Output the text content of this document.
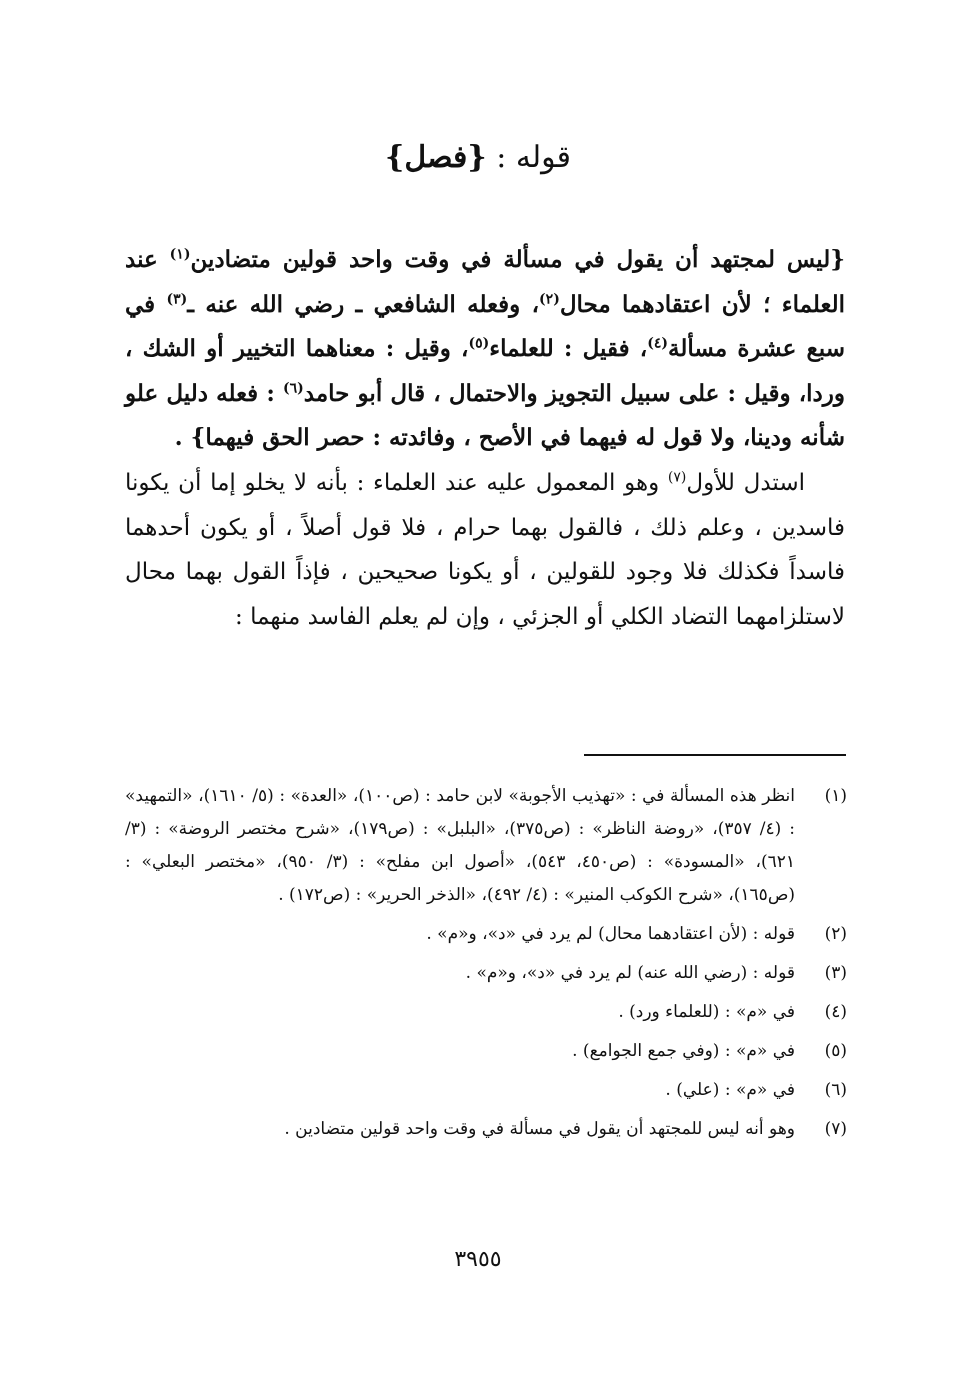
قوله : {فصل}

{ليس لمجتهد أن يقول في مسألة في وقت واحد قولين متضادين$^{(١)}$ عند العلماء ؛ لأن اعتقادهما محال$^{(٢)}$، وفعله الشافعي ـ رضي الله عنه ـ$^{(٣)}$ في سبع عشرة مسألة$^{(٤)}$، فقيل : للعلماء$^{(٥)}$، وقيل : معناهما التخيير أو الشك ، وردا، وقيل : على سبيل التجويز والاحتمال ، قال أبو حامد$^{(٦)}$ : فعله دليل علو شأنه ودينا، ولا قول له فيهما في الأصح ، وفائدته : حصر الحق فيهما} .

استدل للأول$^{(٧)}$ وهو المعمول عليه عند العلماء : بأنه لا يخلو إما أن يكونا فاسدين ، وعلم ذلك ، فالقول بهما حرام ، فلا قول أصلاً ، أو يكون أحدهما فاسداً فكذلك فلا وجود للقولين ، أو يكونا صحيحين ، فإذاً القول بهما محال لاستلزامهما التضاد الكلي أو الجزئي ، وإن لم يعلم الفاسد منهما :

(١)
انظر هذه المسألة في : «تهذيب الأجوبة» لابن حامد : (ص١٠٠)، «العدة» : (٥/ ١٦١٠)، «التمهيد» : (٤/ ٣٥٧)، «روضة الناظر» : (ص٣٧٥)، «البلبل» : (ص١٧٩)، «شرح مختصر الروضة» : (٣/ ٦٢١)، «المسودة» : (ص٤٥٠، ٥٤٣)، «أصول ابن مفلح» : (٣/ ٩٥٠)، «مختصر البعلي» : (ص١٦٥)، «شرح الكوكب المنير» : (٤/ ٤٩٢)، «الذخر الحرير» : (ص١٧٢) .
(٢)
قوله : (لأن اعتقادهما محال) لم يرد في «د»، و«م» .
(٣)
قوله : (رضي الله عنه) لم يرد في «د»، و«م» .
(٤)
في «م» : (للعلماء ورد) .
(٥)
في «م» : (وفي جمع الجوامع) .
(٦)
في «م» : (علي) .
(٧)
وهو أنه ليس للمجتهد أن يقول في مسألة في وقت واحد قولين متضادين .
٣٩٥٥
